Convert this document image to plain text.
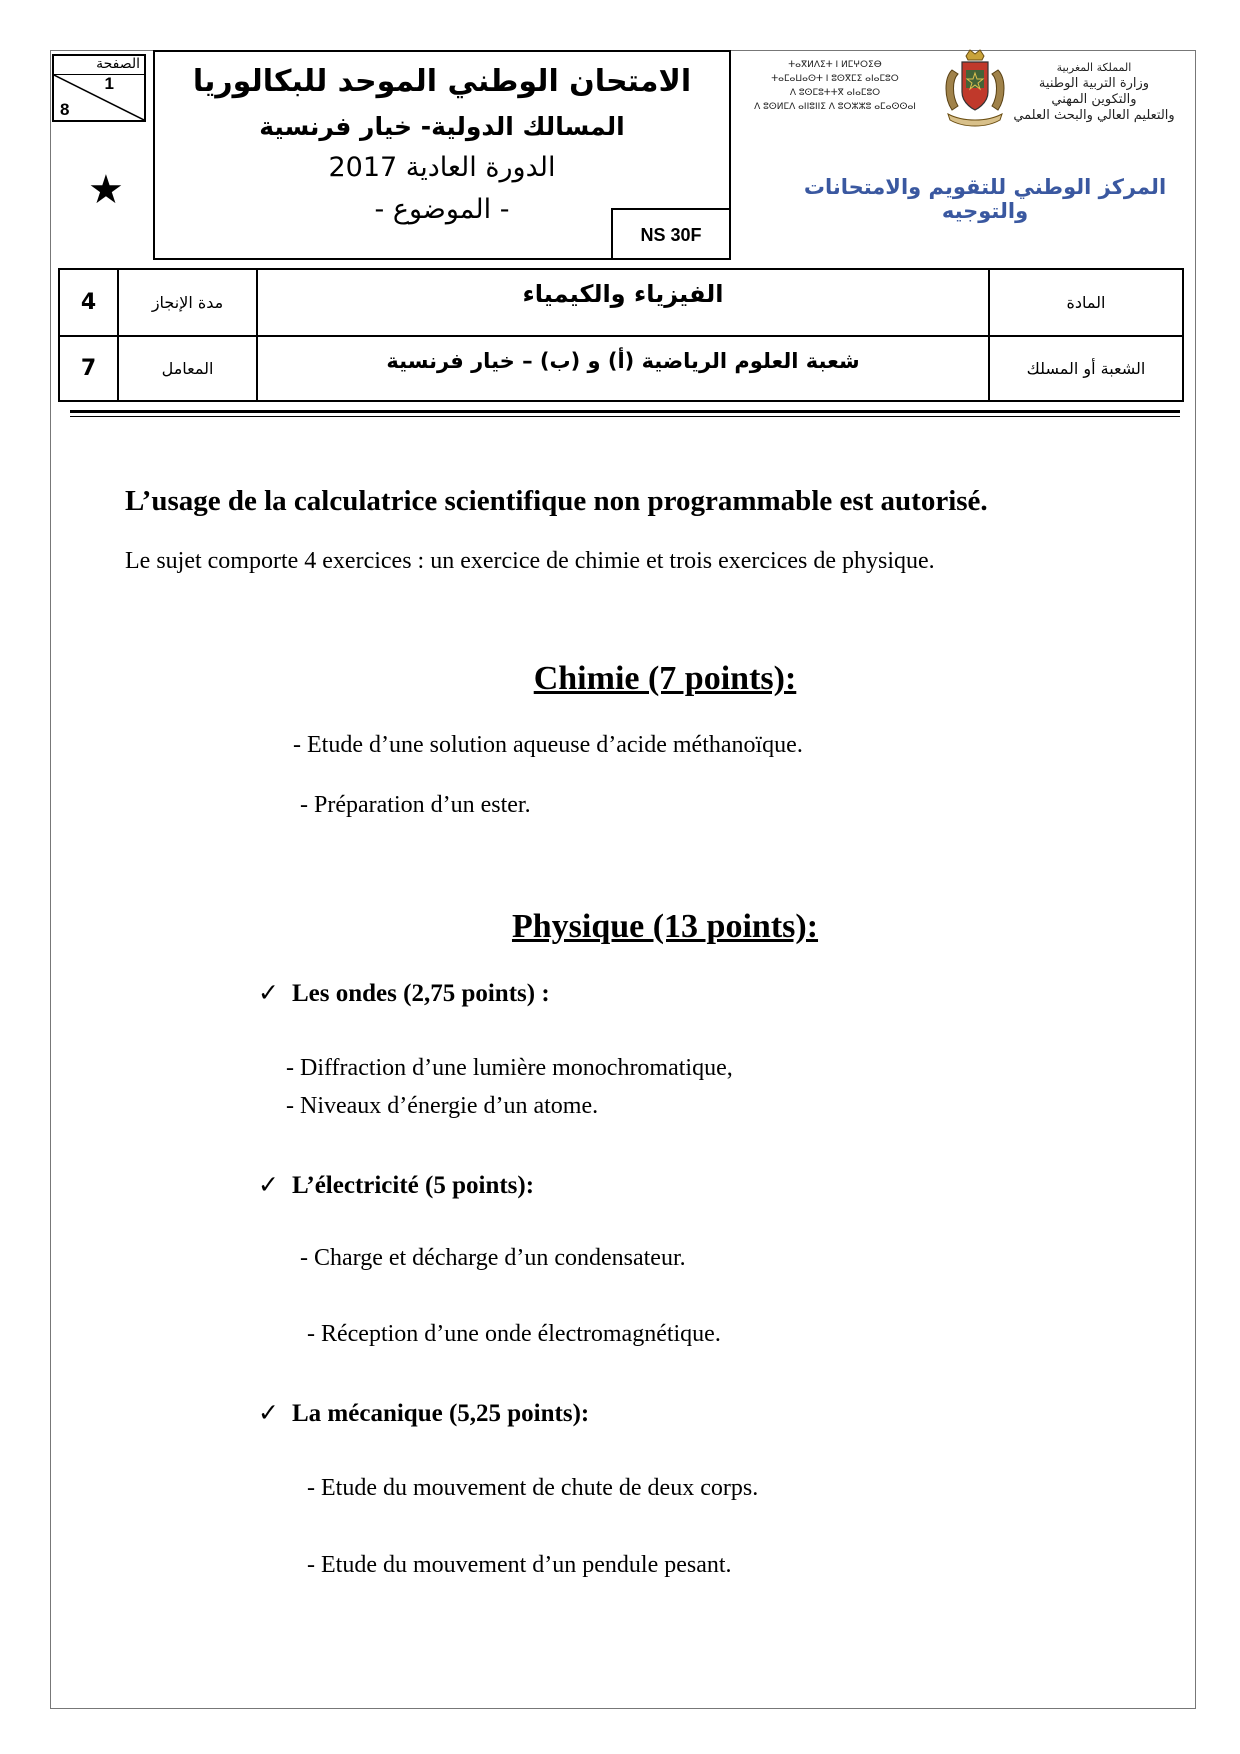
الصفحة
1
8
★
الامتحان الوطني الموحد للبكالوريا
المسالك الدولية- خيار فرنسية
الدورة العادية 2017
- الموضوع -
NS 30F
ⵜⴰⴳⵍⴷⵉⵜ ⵏ ⵍⵎⵖⵔⵉⴱ
ⵜⴰⵎⴰⵡⴰⵙⵜ ⵏ ⵓⵙⴳⵎⵉ ⴰⵏⴰⵎⵓⵔ
ⴷ ⵓⵙⵎⵓⵜⵜⴳ ⴰⵏⴰⵎⵓⵔ
ⴷ ⵓⵙⵍⵎⴷ ⴰⵏⵏⵓⵏⵏⵉ ⴷ ⵓⵔⵣⵣⵓ ⴰⵎⴰⵙⵙⴰⵏ
المملكة المغربية
وزارة التربية الوطنية
والتكوين المهني
والتعليم العالي والبحث العلمي
المركز الوطني للتقويم والامتحانات والتوجيه
4	مدة الإنجاز	الفيزياء والكيمياء	المادة
7	المعامل	شعبة العلوم الرياضية (أ) و (ب) – خيار فرنسية	الشعبة أو المسلك
L’usage de la calculatrice scientifique non programmable est autorisé.
Le sujet comporte 4 exercices : un exercice de chimie et trois exercices de physique.
Chimie (7 points):
- Etude d’une solution aqueuse d’acide méthanoïque.
- Préparation d’un ester.
Physique (13 points):
✓ Les ondes (2,75 points) :
- Diffraction d’une lumière monochromatique,
- Niveaux d’énergie d’un atome.
✓ L’électricité (5 points):
- Charge et décharge d’un condensateur.
- Réception d’une onde électromagnétique.
✓ La mécanique (5,25 points):
- Etude du mouvement de chute de deux corps.
- Etude du mouvement d’un pendule pesant.
